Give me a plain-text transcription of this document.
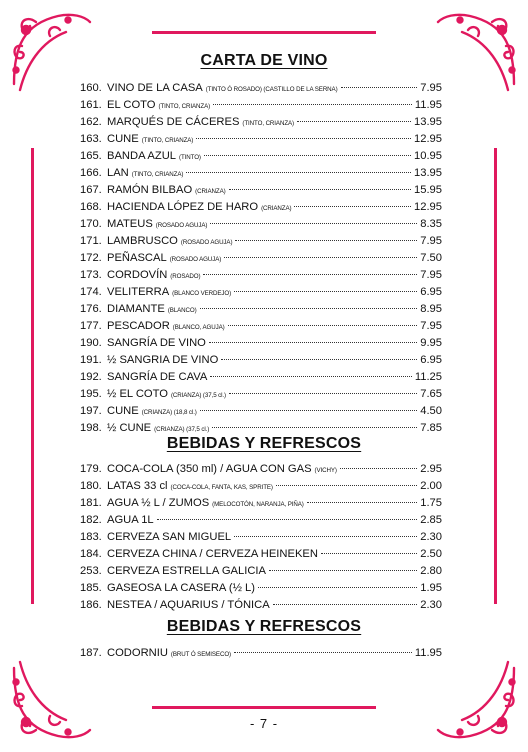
CARTA DE VINO
160. VINO DE LA CASA (TINTO Ó ROSADO) (CASTILLO DE LA SERNA)	7.95
161. EL COTO (TINTO, CRIANZA)	11.95
162. MARQUÉS DE CÁCERES (TINTO, CRIANZA)	13.95
163. CUNE (TINTO, CRIANZA)	12.95
165. BANDA AZUL (TINTO)	10.95
166. LAN (TINTO, CRIANZA)	13.95
167. RAMÓN BILBAO (CRIANZA)	15.95
168. HACIENDA LÓPEZ DE HARO (CRIANZA)	12.95
170. MATEUS (ROSADO AGUJA)	8.35
171. LAMBRUSCO (ROSADO AGUJA)	7.95
172. PEÑASCAL (ROSADO AGUJA)	7.50
173. CORDOVÍN (ROSADO)	7.95
174. VELITERRA (BLANCO VERDEJO)	6.95
176. DIAMANTE (BLANCO)	8.95
177. PESCADOR (BLANCO, AGUJA)	7.95
190. SANGRÍA DE VINO	9.95
191. ½ SANGRIA DE VINO	6.95
192. SANGRÍA DE CAVA	11.25
195. ½ EL COTO (CRIANZA) (37,5 cl.)	7.65
197. CUNE (CRIANZA) (18,8 cl.)	4.50
198. ½ CUNE (CRIANZA) (37,5 cl.)	7.85
BEBIDAS Y REFRESCOS
179. COCA-COLA (350 ml) / AGUA CON GAS (VICHY)	2.95
180. LATAS 33 cl (COCA-COLA, FANTA, KAS, SPRITE)	2.00
181. AGUA ½ L / ZUMOS (MELOCOTÓN, NARANJA, PIÑA)	1.75
182. AGUA 1L	2.85
183. CERVEZA SAN MIGUEL	2.30
184. CERVEZA CHINA / CERVEZA HEINEKEN	2.50
253. CERVEZA ESTRELLA GALICIA	2.80
185. GASEOSA LA CASERA (½ L)	1.95
186. NESTEA / AQUARIUS / TÓNICA	2.30
BEBIDAS Y REFRESCOS
187. CODORNIU (BRUT Ó SEMISECO)	11.95
- 7 -
